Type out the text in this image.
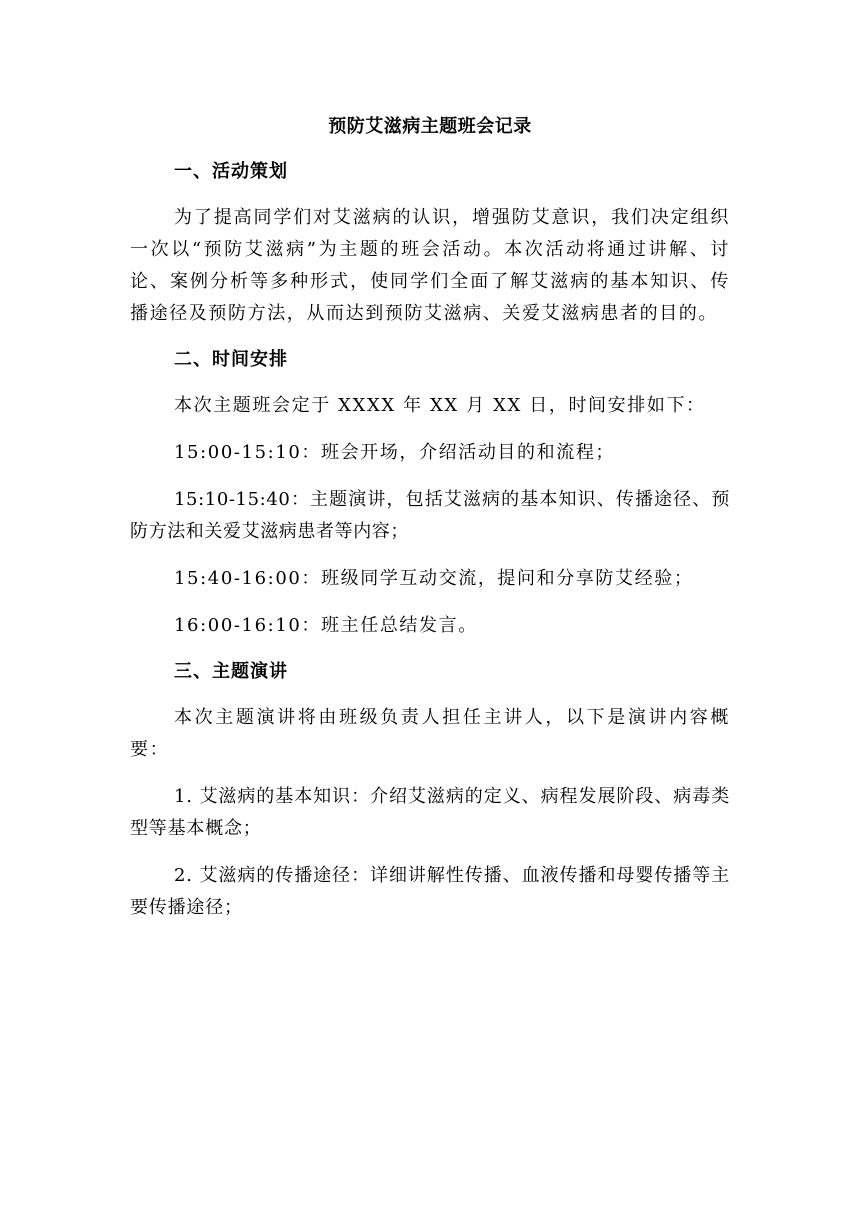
预防艾滋病主题班会记录
一、活动策划

为了提高同学们对艾滋病的认识，增强防艾意识，我们决定组织一次以“预防艾滋病”为主题的班会活动。本次活动将通过讲解、讨论、案例分析等多种形式，使同学们全面了解艾滋病的基本知识、传播途径及预防方法，从而达到预防艾滋病、关爱艾滋病患者的目的。

二、时间安排

本次主题班会定于 XXXX 年 XX 月 XX 日，时间安排如下：

15:00-15:10：班会开场，介绍活动目的和流程；

15:10-15:40：主题演讲，包括艾滋病的基本知识、传播途径、预防方法和关爱艾滋病患者等内容；

15:40-16:00：班级同学互动交流，提问和分享防艾经验；

16:00-16:10：班主任总结发言。

三、主题演讲

本次主题演讲将由班级负责人担任主讲人，以下是演讲内容概要：

1. 艾滋病的基本知识：介绍艾滋病的定义、病程发展阶段、病毒类型等基本概念；

2. 艾滋病的传播途径：详细讲解性传播、血液传播和母婴传播等主要传播途径；
